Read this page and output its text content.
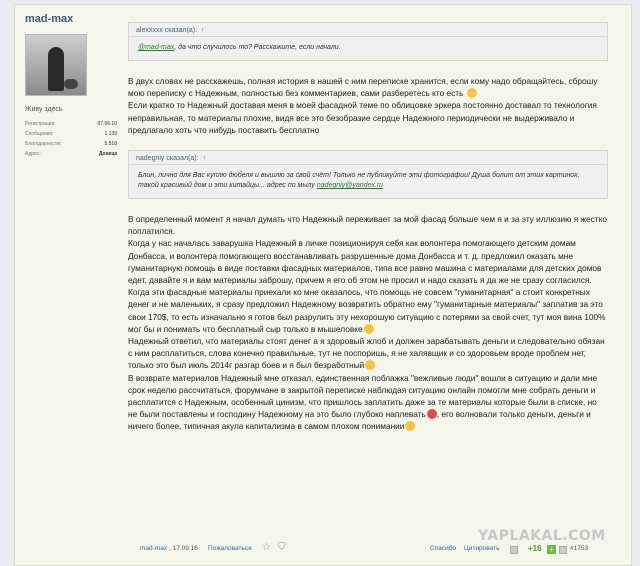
mad-max
Живу здесь
Регистрация:	07.06.10
Сообщения:	1.139
Благодарности:	5.518
Адрес:	Донецк
alexxxxx сказал(а): ↑
@mad-max, да что случилось то? Расскажите, если начали.
В двух словах не расскажешь, полная история в нашей с ним переписке хранится, если кому надо обращайтесь, сброшу мою переписку с Надежным, полностью без комментариев, сами разберетесь кто есть
Если кратко то Надежный доставая меня в моей фасадной теме по облицовке эркера постоянно доставал то технология неправильная, то материалы плохие, видя все это безобразие сердце Надежного периодически не выдерживало и предлагало хоть что нибудь поставить бесплатно
nadegniy сказал(а): ↑
Блин, лично для Вас куплю дюбеля и вышлю за свой счёт! Только не публикуйте эти фотографии! Душа болит от этих картинок, такой красивый дом и эти китайцы... адрес по мылу nadegniy@yandex.ru
В определенный момент я начал думать что Надежный переживает за мой фасад больше чем я и за эту иллюзию я жестко поплатился.
Когда у нас началась заварушка Надежный в личке позиционируя себя как волонтера помогающего детским домам Донбасса, и волонтера помогающего восстанавливать разрушенные дома Донбасса и т. д. предложил оказать мне гуманитарную помощь в виде поставки фасадных материалов, типа все равно машина с материалами для детских домов едет, давайте я и вам материалы заброшу, причем я его об этом не просил и надо сказать я да же не сразу согласился.
Когда эти фасадные материалы приехали ко мне оказалось, что помощь не совсем "гуманитарная" а стоит конкретных денег и не маленьких, я сразу предложил Надежному возвратить обратно ему "гуманитарные материалы" заплатив за это свои 170$, то есть изначально я готов был разрулить эту нехорошую ситуацию с потерями за свой счет, тут моя вина 100% мог бы и понимать что бесплатный сыр только в мышеловке
Надежный ответил, что материалы стоят денег а я здоровый жлоб и должен зарабатывать деньги и следовательно обязан с ним расплатиться, слова конечно правильные, тут не поспоришь, я не халявщик и со здоровьем вроде проблем нет, только это был июль 2014г разгар боев и я был безработный
В возврате материалов Надежный мне отказал, единственная поблажка "вежливые люди" вошли в ситуацию и дали мне срок неделю рассчитаться, форумчане в закрытой переписке наблюдая ситуацию онлайн помогли мне собрать деньги и расплатится с Надежным, особенный цинизм, что пришлось заплатить даже за те материалы которые были в списке, но не были поставлены и господину Надежному на это было глубоко наплевать , его волновали только деньги, деньги и ничего более, типичная акула капитализма в самом плохом понимании
YAPLAKAL.COM
mad-max , 17.09.16 Пожаловаться ☆ ⛉	Спасибо Цитировать	+16 +	#1753
